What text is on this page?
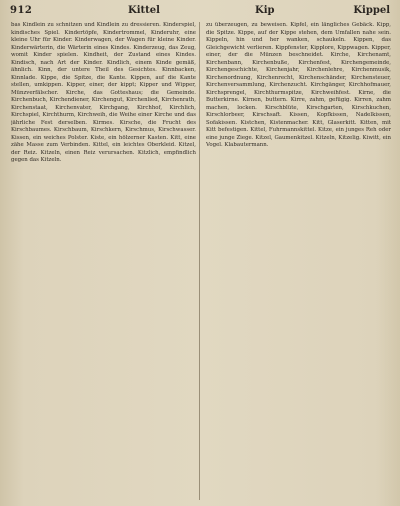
912	Kittel	Kip	Kippel

bas Kindlein zu schnitzen und Kindlein zu dressieren. Kinderspiel, kindisches Spiel. Kindertöpfe, Kindertrommel, Kinderuhr, eine kleine Uhr für Kinder. Kinderwagen, der Wagen für kleine Kinder. Kinderwärterin, die Wärterin eines Kindes. Kinderzeug, das Zeug, womit Kinder spielen. Kindheit, der Zustand eines Kindes. Kindisch, nach Art der Kinder. Kindlich, einem Kinde gemäß, ähnlich. Kinn, der untere Theil des Gesichtes. Kinnbacken, Kinnlade. Kippe, die Spitze, die Kante. Kippen, auf die Kante stellen, umkippen. Kipper, einer, der kippt; Kipper und Wipper, Münzverfälscher. Kirche, das Gotteshaus; die Gemeinde. Kirchenbuch, Kirchendiener, Kirchengut, Kirchenlied, Kirchenrath, Kirchenstaat, Kirchenvater, Kirchgang, Kirchhof, Kirchlich, Kirchspiel, Kirchthurm, Kirchweih, die Weihe einer Kirche und das jährliche Fest derselben. Kirmes. Kirsche, die Frucht des Kirschbaumes. Kirschbaum, Kirschkern, Kirschmus, Kirschwasser. Kissen, ein weiches Polster. Kiste, ein hölzerner Kasten. Kitt, eine zähe Masse zum Verbinden. Kittel, ein leichtes Oberkleid. Kitzel, der Reiz. Kitzeln, einen Reiz verursachen. Kitzlich, empfindlich gegen das Kitzeln.

zu überzeugen, zu beweisen. Kipfel, ein längliches Gebäck. Kipp, die Spitze. Kippe, auf der Kippe stehen, dem Umfallen nahe sein. Kippeln, hin und her wanken, schaukeln. Kippen, das Gleichgewicht verlieren. Kippfenster, Kipplore, Kippwagen. Kipper, einer, der die Münzen beschneidet. Kirche, Kirchenamt, Kirchenbann, Kirchenbuße, Kirchenfest, Kirchengemeinde, Kirchengeschichte, Kirchenjahr, Kirchenlehre, Kirchenmusik, Kirchenordnung, Kirchenrecht, Kirchenschänder, Kirchensteuer, Kirchenversammlung, Kirchenzucht. Kirchgänger, Kirchhofmauer, Kirchsprengel, Kirchthurmspitze, Kirchweihfest. Kirne, die Butterkirne. Kirnen, buttern. Kirre, zahm, gefügig. Kirren, zahm machen, locken. Kirschblüte, Kirschgarten, Kirschkuchen, Kirschlorbeer, Kirschsaft. Kissen, Kopfkissen, Nadelkissen, Sofakissen. Kistchen, Kistenmacher. Kitt, Glaserkitt. Kitten, mit Kitt befestigen. Kittel, Fuhrmannskittel. Kitze, ein junges Reh oder eine junge Ziege. Kitzel, Gaumenkitzel. Kitzeln, Kitzelig. Kiwitt, ein Vogel. Klabautermann.
